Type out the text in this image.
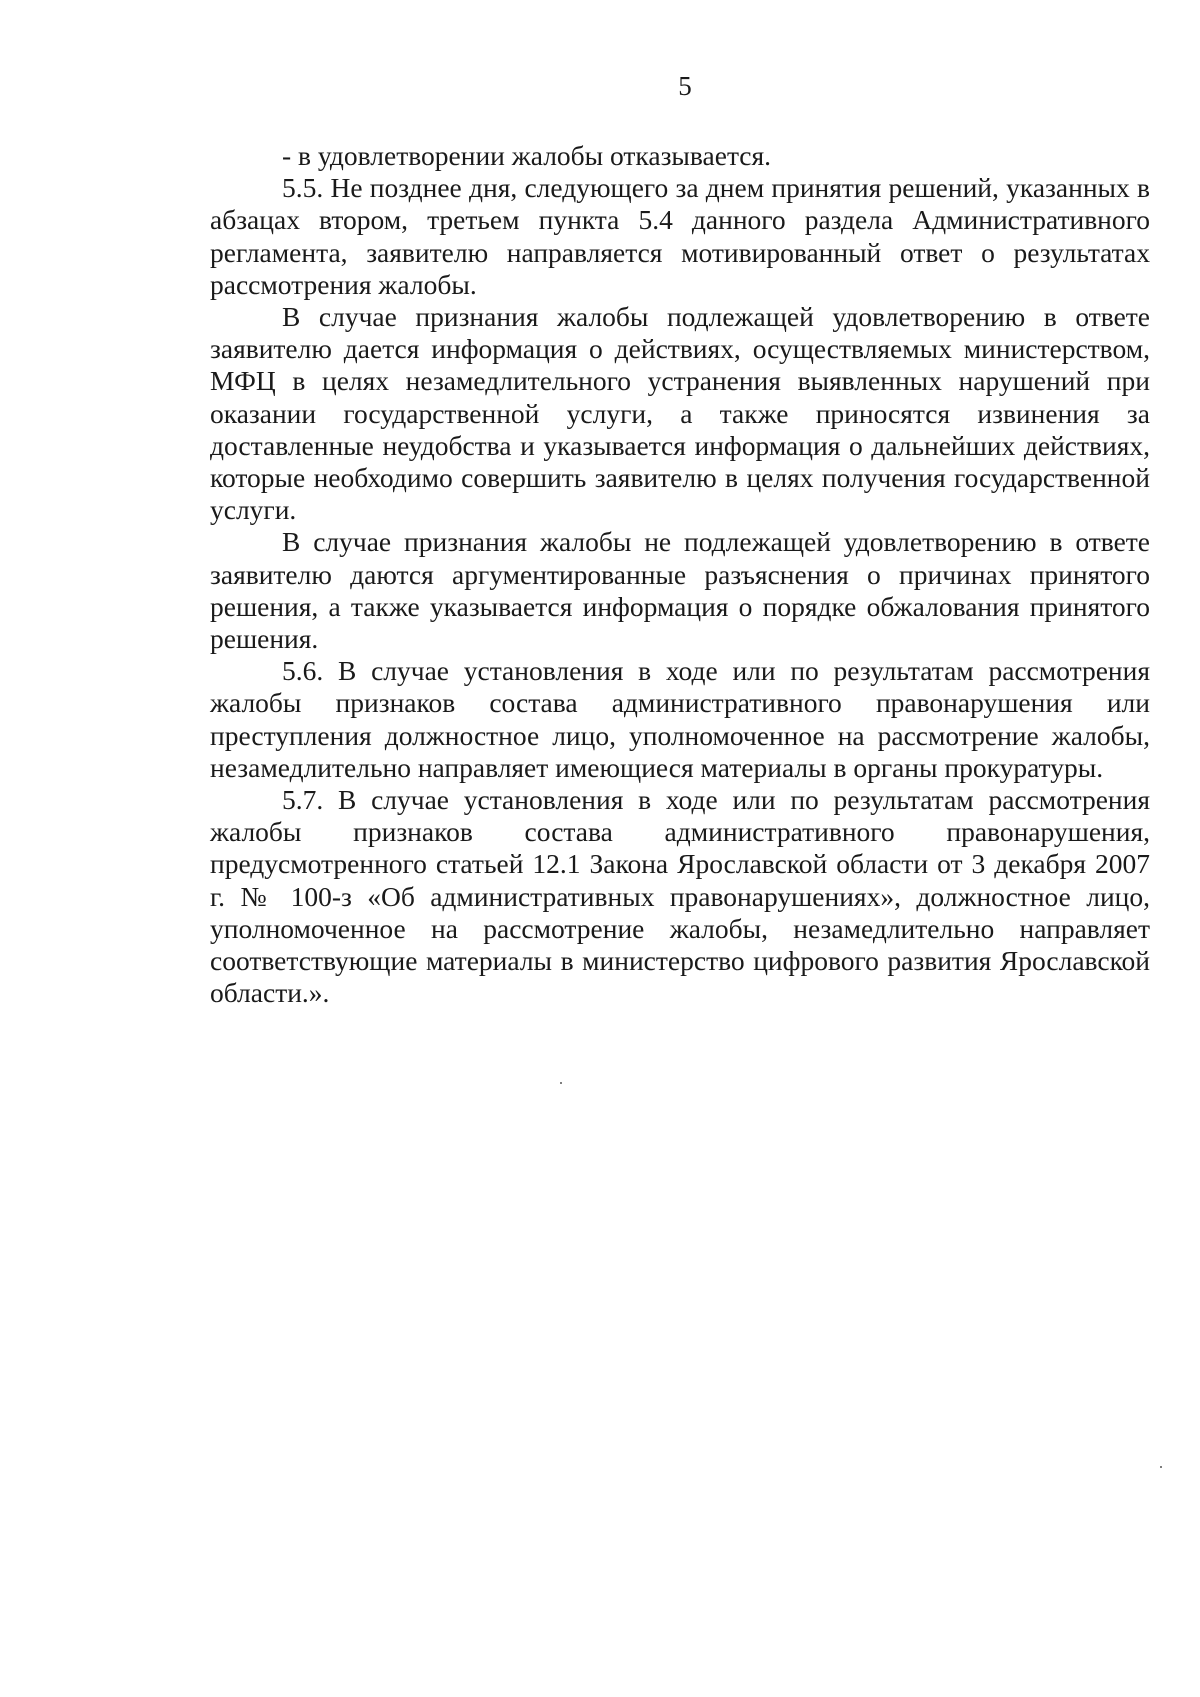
5

- в удовлетворении жалобы отказывается.

5.5. Не позднее дня, следующего за днем принятия решений, указанных в абзацах втором, третьем пункта 5.4 данного раздела Административного регламента, заявителю направляется мотивированный ответ о результатах рассмотрения жалобы.

В случае признания жалобы подлежащей удовлетворению в ответе заявителю дается информация о действиях, осуществляемых министерством, МФЦ в целях незамедлительного устранения выявленных нарушений при оказании государственной услуги, а также приносятся извинения за доставленные неудобства и указывается информация о дальнейших действиях, которые необходимо совершить заявителю в целях получения государственной услуги.

В случае признания жалобы не подлежащей удовлетворению в ответе заявителю даются аргументированные разъяснения о причинах принятого решения, а также указывается информация о порядке обжалования принятого решения.

5.6. В случае установления в ходе или по результатам рассмотрения жалобы признаков состава административного правонарушения или преступления должностное лицо, уполномоченное на рассмотрение жалобы, незамедлительно направляет имеющиеся материалы в органы прокуратуры.

5.7. В случае установления в ходе или по результатам рассмотрения жалобы признаков состава административного правонарушения, предусмотренного статьей 12.1 Закона Ярославской области от 3 декабря 2007 г. № 100-з «Об административных правонарушениях», должностное лицо, уполномоченное на рассмотрение жалобы, незамедлительно направляет соответствующие материалы в министерство цифрового развития Ярославской области.».
